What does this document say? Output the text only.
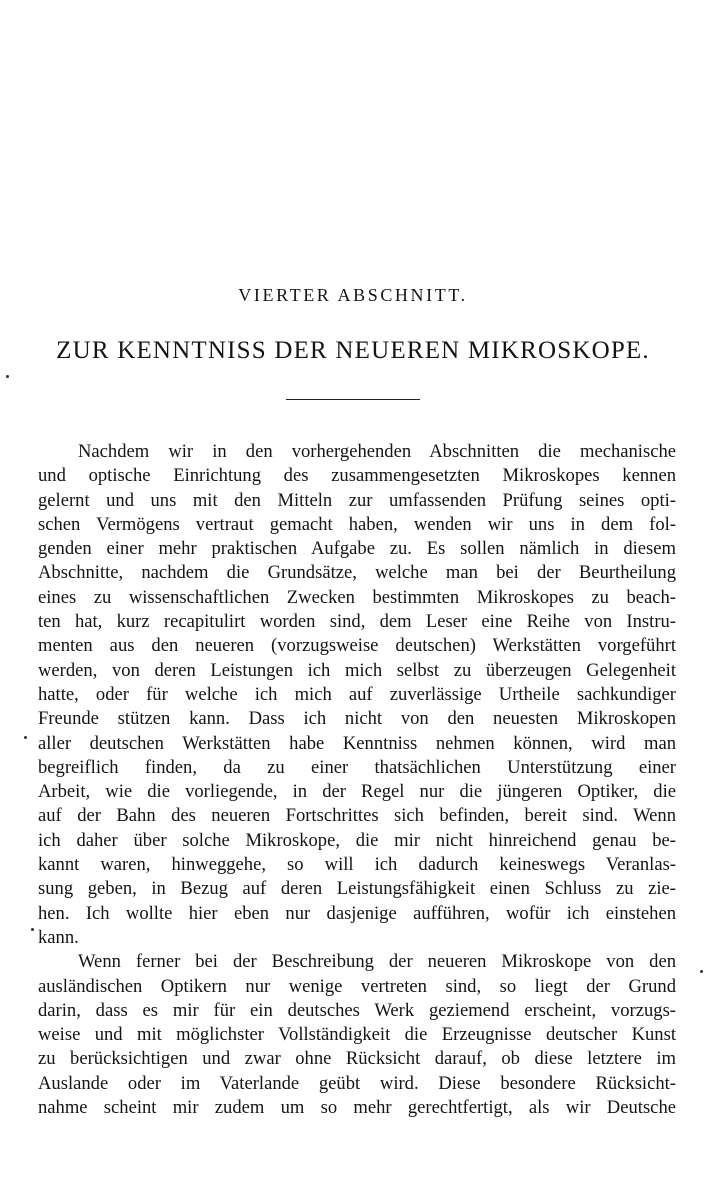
VIERTER ABSCHNITT.
ZUR KENNTNISS DER NEUEREN MIKROSKOPE.
Nachdem wir in den vorhergehenden Abschnitten die mechanische
und optische Einrichtung des zusammengesetzten Mikroskopes kennen
gelernt und uns mit den Mitteln zur umfassenden Prüfung seines opti-
schen Vermögens vertraut gemacht haben, wenden wir uns in dem fol-
genden einer mehr praktischen Aufgabe zu. Es sollen nämlich in diesem
Abschnitte, nachdem die Grundsätze, welche man bei der Beurtheilung
eines zu wissenschaftlichen Zwecken bestimmten Mikroskopes zu beach-
ten hat, kurz recapitulirt worden sind, dem Leser eine Reihe von Instru-
menten aus den neueren (vorzugsweise deutschen) Werkstätten vorgeführt
werden, von deren Leistungen ich mich selbst zu überzeugen Gelegenheit
hatte, oder für welche ich mich auf zuverlässige Urtheile sachkundiger
Freunde stützen kann. Dass ich nicht von den neuesten Mikroskopen
aller deutschen Werkstätten habe Kenntniss nehmen können, wird man
begreiflich finden, da zu einer thatsächlichen Unterstützung einer
Arbeit, wie die vorliegende, in der Regel nur die jüngeren Optiker, die
auf der Bahn des neueren Fortschrittes sich befinden, bereit sind. Wenn
ich daher über solche Mikroskope, die mir nicht hinreichend genau be-
kannt waren, hinweggehe, so will ich dadurch keineswegs Veranlas-
sung geben, in Bezug auf deren Leistungsfähigkeit einen Schluss zu zie-
hen. Ich wollte hier eben nur dasjenige aufführen, wofür ich einstehen
kann.
Wenn ferner bei der Beschreibung der neueren Mikroskope von den
ausländischen Optikern nur wenige vertreten sind, so liegt der Grund
darin, dass es mir für ein deutsches Werk geziemend erscheint, vorzugs-
weise und mit möglichster Vollständigkeit die Erzeugnisse deutscher Kunst
zu berücksichtigen und zwar ohne Rücksicht darauf, ob diese letztere im
Auslande oder im Vaterlande geübt wird. Diese besondere Rücksicht-
nahme scheint mir zudem um so mehr gerechtfertigt, als wir Deutsche
